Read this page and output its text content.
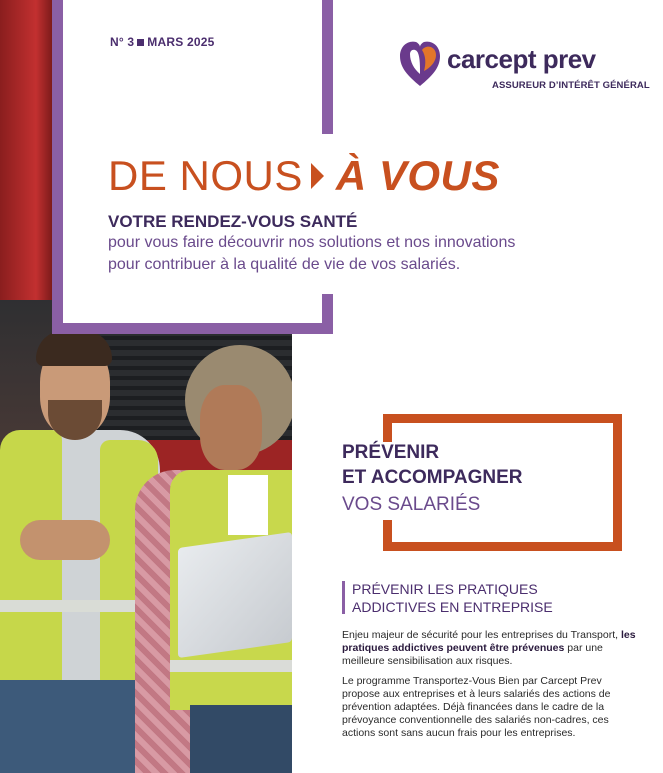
N° 3 MARS 2025
carcept prev
ASSUREUR D’INTÉRÊT GÉNÉRAL
DE NOUS À VOUS
VOTRE RENDEZ-VOUS SANTÉ
pour vous faire découvrir nos solutions et nos innovations
pour contribuer à la qualité de vie de vos salariés.
PRÉVENIR
ET ACCOMPAGNER
VOS SALARIÉS
PRÉVENIR LES PRATIQUES
ADDICTIVES EN ENTREPRISE
Enjeu majeur de sécurité pour les entreprises du Transport, les pratiques addictives peuvent être prévenues par une meilleure sensibilisation aux risques.
Le programme Transportez-Vous Bien par Carcept Prev propose aux entreprises et à leurs salariés des actions de prévention adaptées. Déjà financées dans le cadre de la prévoyance conventionnelle des salariés non-cadres, ces actions sont sans aucun frais pour les entreprises.
